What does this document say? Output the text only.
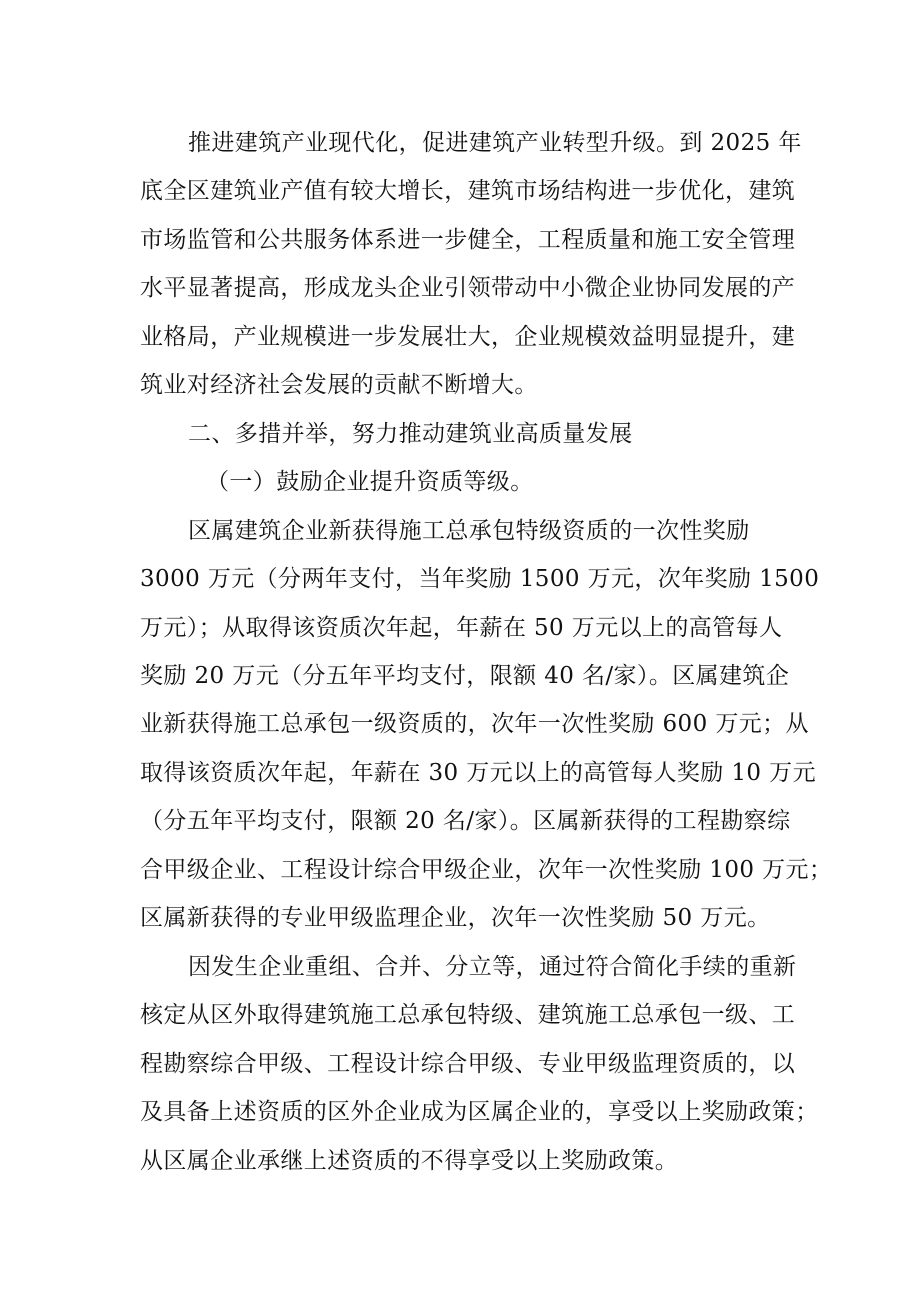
推进建筑产业现代化，促进建筑产业转型升级。到 2025 年
底全区建筑业产值有较大增长，建筑市场结构进一步优化，建筑
市场监管和公共服务体系进一步健全，工程质量和施工安全管理
水平显著提高，形成龙头企业引领带动中小微企业协同发展的产
业格局，产业规模进一步发展壮大，企业规模效益明显提升，建
筑业对经济社会发展的贡献不断增大。
二、多措并举，努力推动建筑业高质量发展
（一）鼓励企业提升资质等级。
区属建筑企业新获得施工总承包特级资质的一次性奖励
3000 万元（分两年支付，当年奖励 1500 万元，次年奖励 1500
万元）；从取得该资质次年起，年薪在 50 万元以上的高管每人
奖励 20 万元（分五年平均支付，限额 40 名/家）。区属建筑企
业新获得施工总承包一级资质的，次年一次性奖励 600 万元；从
取得该资质次年起，年薪在 30 万元以上的高管每人奖励 10 万元
（分五年平均支付，限额 20 名/家）。区属新获得的工程勘察综
合甲级企业、工程设计综合甲级企业，次年一次性奖励 100 万元；
区属新获得的专业甲级监理企业，次年一次性奖励 50 万元。
因发生企业重组、合并、分立等，通过符合简化手续的重新
核定从区外取得建筑施工总承包特级、建筑施工总承包一级、工
程勘察综合甲级、工程设计综合甲级、专业甲级监理资质的，以
及具备上述资质的区外企业成为区属企业的，享受以上奖励政策；
从区属企业承继上述资质的不得享受以上奖励政策。
